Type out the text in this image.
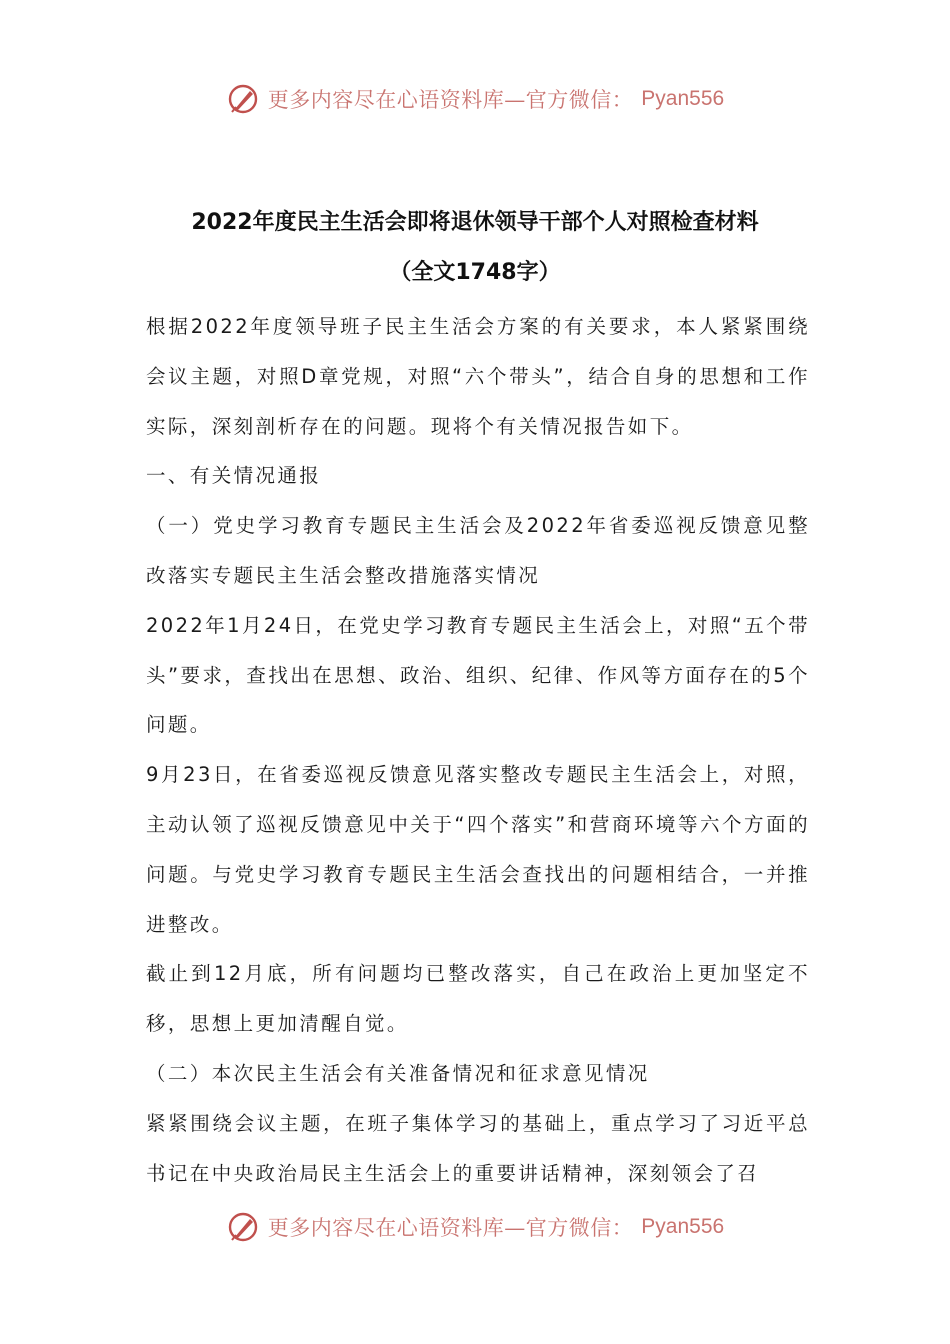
更多内容尽在心语资料库—官方微信： Pyan556
2022年度民主生活会即将退休领导干部个人对照检查材料
（全文1748字）

根据2022年度领导班子民主生活会方案的有关要求，本人紧紧围绕会议主题，对照D章党规，对照“六个带头”，结合自身的思想和工作实际，深刻剖析存在的问题。现将个有关情况报告如下。

一、有关情况通报

（一）党史学习教育专题民主生活会及2022年省委巡视反馈意见整改落实专题民主生活会整改措施落实情况

2022年1月24日，在党史学习教育专题民主生活会上，对照“五个带头”要求，查找出在思想、政治、组织、纪律、作风等方面存在的5个问题。

9月23日，在省委巡视反馈意见落实整改专题民主生活会上，对照，主动认领了巡视反馈意见中关于“四个落实”和营商环境等六个方面的问题。与党史学习教育专题民主生活会查找出的问题相结合，一并推进整改。

截止到12月底，所有问题均已整改落实，自己在政治上更加坚定不移，思想上更加清醒自觉。

（二）本次民主生活会有关准备情况和征求意见情况

紧紧围绕会议主题，在班子集体学习的基础上，重点学习了习近平总书记在中央政治局民主生活会上的重要讲话精神，深刻领会了召

更多内容尽在心语资料库—官方微信： Pyan556
